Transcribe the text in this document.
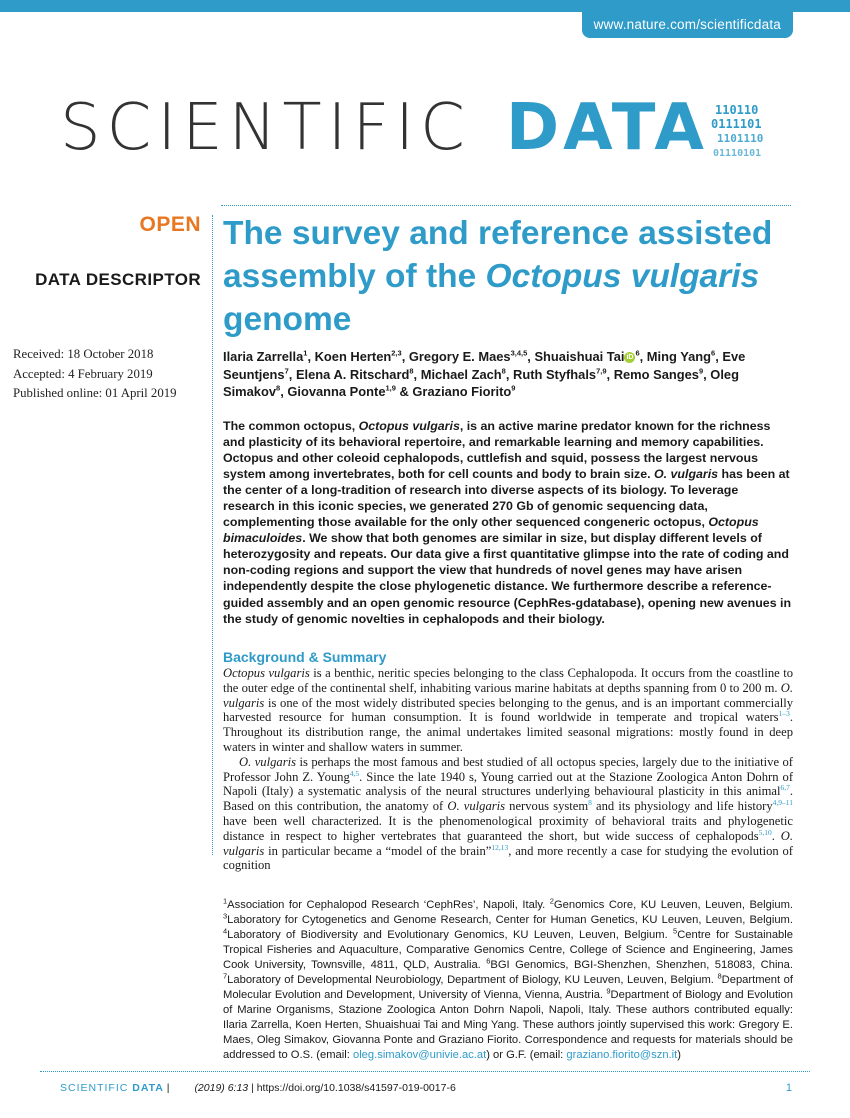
www.nature.com/scientificdata
SCIENTIFIC DATA 110110
0111101
1101110
01110101
OPEN
DATA DESCRIPTOR
Received: 18 October 2018
Accepted: 4 February 2019
Published online: 01 April 2019
The survey and reference assisted assembly of the Octopus vulgaris genome
Ilaria Zarrella$^1$, Koen Herten$^{2,3}$, Gregory E. Maes$^{3,4,5}$, Shuaishuai Tai iD $^6$, Ming Yang$^6$, Eve Seuntjens$^7$, Elena A. Ritschard$^8$, Michael Zach$^8$, Ruth Styfhals$^{7,9}$, Remo Sanges$^9$, Oleg Simakov$^8$, Giovanna Ponte$^{1,9}$ & Graziano Fiorito$^9$
The common octopus, Octopus vulgaris, is an active marine predator known for the richness and plasticity of its behavioral repertoire, and remarkable learning and memory capabilities. Octopus and other coleoid cephalopods, cuttlefish and squid, possess the largest nervous system among invertebrates, both for cell counts and body to brain size. O. vulgaris has been at the center of a long-tradition of research into diverse aspects of its biology. To leverage research in this iconic species, we generated 270 Gb of genomic sequencing data, complementing those available for the only other sequenced congeneric octopus, Octopus bimaculoides. We show that both genomes are similar in size, but display different levels of heterozygosity and repeats. Our data give a first quantitative glimpse into the rate of coding and non-coding regions and support the view that hundreds of novel genes may have arisen independently despite the close phylogenetic distance. We furthermore describe a reference-guided assembly and an open genomic resource (CephRes-gdatabase), opening new avenues in the study of genomic novelties in cephalopods and their biology.
Background & Summary

Octopus vulgaris is a benthic, neritic species belonging to the class Cephalopoda. It occurs from the coastline to the outer edge of the continental shelf, inhabiting various marine habitats at depths spanning from 0 to 200 m. O. vulgaris is one of the most widely distributed species belonging to the genus, and is an important commercially harvested resource for human consumption. It is found worldwide in temperate and tropical waters$^{1-3}$. Throughout its distribution range, the animal undertakes limited seasonal migrations: mostly found in deep waters in winter and shallow waters in summer.

O. vulgaris is perhaps the most famous and best studied of all octopus species, largely due to the initiative of Professor John Z. Young$^{4,5}$. Since the late 1940 s, Young carried out at the Stazione Zoologica Anton Dohrn of Napoli (Italy) a systematic analysis of the neural structures underlying behavioural plasticity in this animal$^{6,7}$. Based on this contribution, the anatomy of O. vulgaris nervous system$^8$ and its physiology and life history$^{4,9-11}$ have been well characterized. It is the phenomenological proximity of behavioral traits and phylogenetic distance in respect to higher vertebrates that guaranteed the short, but wide success of cephalopods$^{5,10}$. O. vulgaris in particular became a “model of the brain”$^{12,13}$, and more recently a case for studying the evolution of cognition

$^1$Association for Cephalopod Research ‘CephRes’, Napoli, Italy. $^2$Genomics Core, KU Leuven, Leuven, Belgium. $^3$Laboratory for Cytogenetics and Genome Research, Center for Human Genetics, KU Leuven, Leuven, Belgium. $^4$Laboratory of Biodiversity and Evolutionary Genomics, KU Leuven, Leuven, Belgium. $^5$Centre for Sustainable Tropical Fisheries and Aquaculture, Comparative Genomics Centre, College of Science and Engineering, James Cook University, Townsville, 4811, QLD, Australia. $^6$BGI Genomics, BGI-Shenzhen, Shenzhen, 518083, China. $^7$Laboratory of Developmental Neurobiology, Department of Biology, KU Leuven, Leuven, Belgium. $^8$Department of Molecular Evolution and Development, University of Vienna, Vienna, Austria. $^9$Department of Biology and Evolution of Marine Organisms, Stazione Zoologica Anton Dohrn Napoli, Napoli, Italy. These authors contributed equally: Ilaria Zarrella, Koen Herten, Shuaishuai Tai and Ming Yang. These authors jointly supervised this work: Gregory E. Maes, Oleg Simakov, Giovanna Ponte and Graziano Fiorito. Correspondence and requests for materials should be addressed to O.S. (email: oleg.simakov@univie.ac.at) or G.F. (email: graziano.fiorito@szn.it)
SCIENTIFIC DATA | (2019) 6:13 | https://doi.org/10.1038/s41597-019-0017-6	1
